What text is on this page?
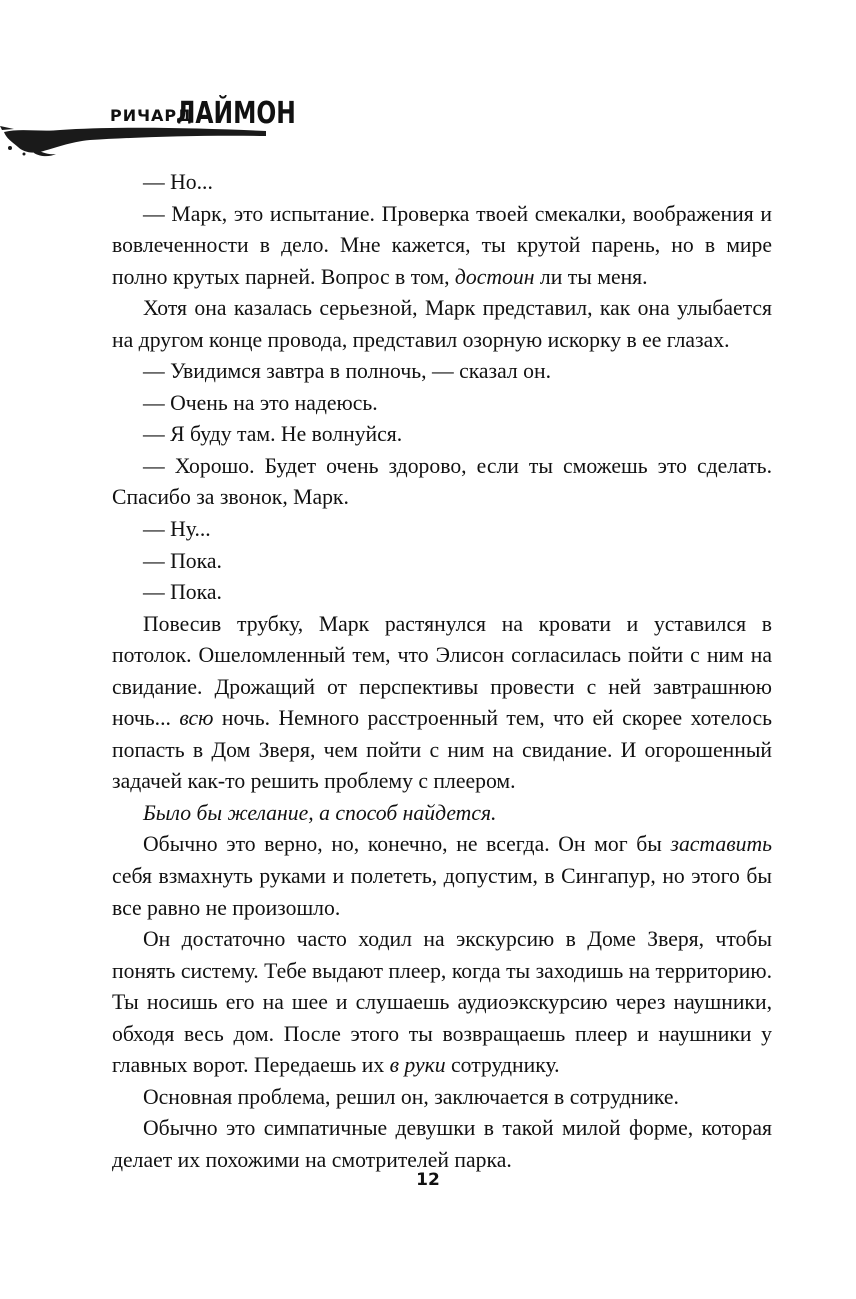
РИЧАРД
ЛАЙМОН

— Но...

— Марк, это испытание. Проверка твоей смекалки, воображения и вовлеченности в дело. Мне кажется, ты крутой парень, но в мире полно крутых парней. Вопрос в том, достоин ли ты меня.

Хотя она казалась серьезной, Марк представил, как она улыбается на другом конце провода, представил озорную искорку в ее глазах.

— Увидимся завтра в полночь, — сказал он.

— Очень на это надеюсь.

— Я буду там. Не волнуйся.

— Хорошо. Будет очень здорово, если ты сможешь это сделать. Спасибо за звонок, Марк.

— Ну...

— Пока.

— Пока.

Повесив трубку, Марк растянулся на кровати и уставился в потолок. Ошеломленный тем, что Элисон согласилась пойти с ним на свидание. Дрожащий от перспективы провести с ней завтрашнюю ночь... всю ночь. Немного расстроенный тем, что ей скорее хотелось попасть в Дом Зверя, чем пойти с ним на свидание. И огорошенный задачей как-то решить проблему с плеером.

Было бы желание, а способ найдется.

Обычно это верно, но, конечно, не всегда. Он мог бы заставить себя взмахнуть руками и полететь, допустим, в Сингапур, но этого бы все равно не произошло.

Он достаточно часто ходил на экскурсию в Доме Зверя, чтобы понять систему. Тебе выдают плеер, когда ты заходишь на территорию. Ты носишь его на шее и слушаешь аудиоэкскурсию через наушники, обходя весь дом. После этого ты возвращаешь плеер и наушники у главных ворот. Передаешь их в руки сотруднику.

Основная проблема, решил он, заключается в сотруднике.

Обычно это симпатичные девушки в такой милой форме, которая делает их похожими на смотрителей парка.

12
